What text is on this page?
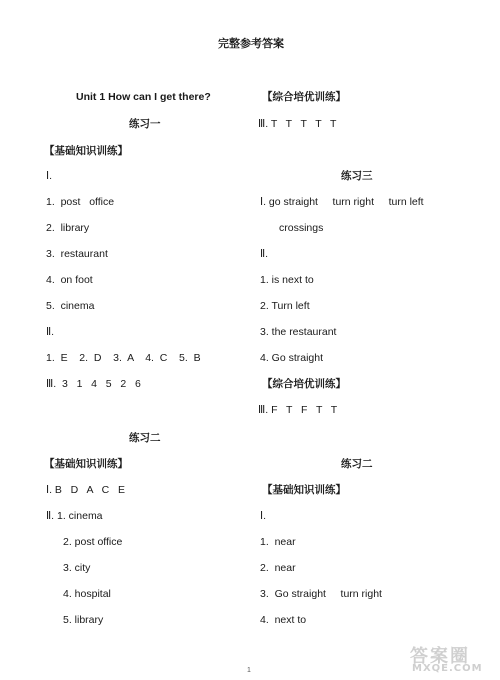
完整参考答案
Unit 1 How can I get there?
练习一
【基础知识训练】
Ⅰ.
1.  post   office
2.  library
3.  restaurant
4.  on foot
5.  cinema
Ⅱ.
1.  E    2.  D    3.  A    4.  C    5.  B
Ⅲ.  3   1   4   5   2   6
练习二
【基础知识训练】
Ⅰ. B   D   A   C   E
Ⅱ. 1. cinema
2. post office
3. city
4. hospital
5. library
【综合培优训练】
Ⅲ. T   T   T   T   T
练习三
Ⅰ. go straight     turn right     turn left
crossings
Ⅱ.
1. is next to
2. Turn left
3. the restaurant
4. Go straight
【综合培优训练】
Ⅲ. F   T   F   T   T
练习二
【基础知识训练】
Ⅰ.
1.  near
2.  near
3.  Go straight     turn right
4.  next to
1
答案圈
MXQE.COM
